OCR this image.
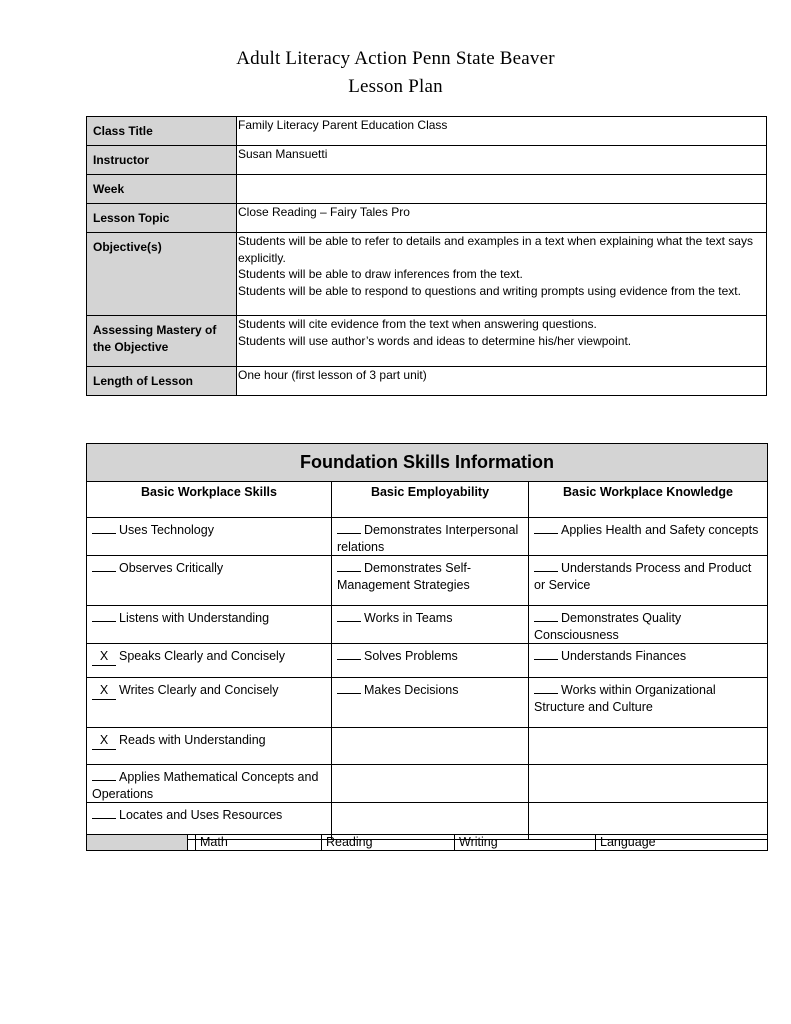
Adult Literacy Action Penn State Beaver
Lesson Plan
Class Title	Family Literacy Parent Education Class
Instructor	Susan Mansuetti
Week	
Lesson Topic	Close Reading – Fairy Tales Pro
Objective(s)	Students will be able to refer to details and examples in a text when explaining what the text says explicitly.
Students will be able to draw inferences from the text.
Students will be able to respond to questions and writing prompts using evidence from the text.

Assessing Mastery of the Objective	Students will cite evidence from the text when answering questions.
Students will use author’s words and ideas to determine his/her viewpoint.

Length of Lesson	One hour (first lesson of 3 part unit)
Foundation Skills Information		
Basic Workplace Skills	Basic Employability	Basic Workplace Knowledge
Uses Technology	Demonstrates Interpersonal relations	Applies Health and Safety concepts
Observes Critically	Demonstrates Self-Management Strategies	Understands Process and Product or Service
Listens with Understanding	Works in Teams	Demonstrates Quality Consciousness
X Speaks Clearly and Concisely	Solves Problems	Understands Finances
X Writes Clearly and Concisely	Makes Decisions	Works within Organizational Structure and Culture
X Reads with Understanding		
Applies Mathematical Concepts and Operations		
Locates and Uses Resources		
		Math	Reading	Writing	Language
